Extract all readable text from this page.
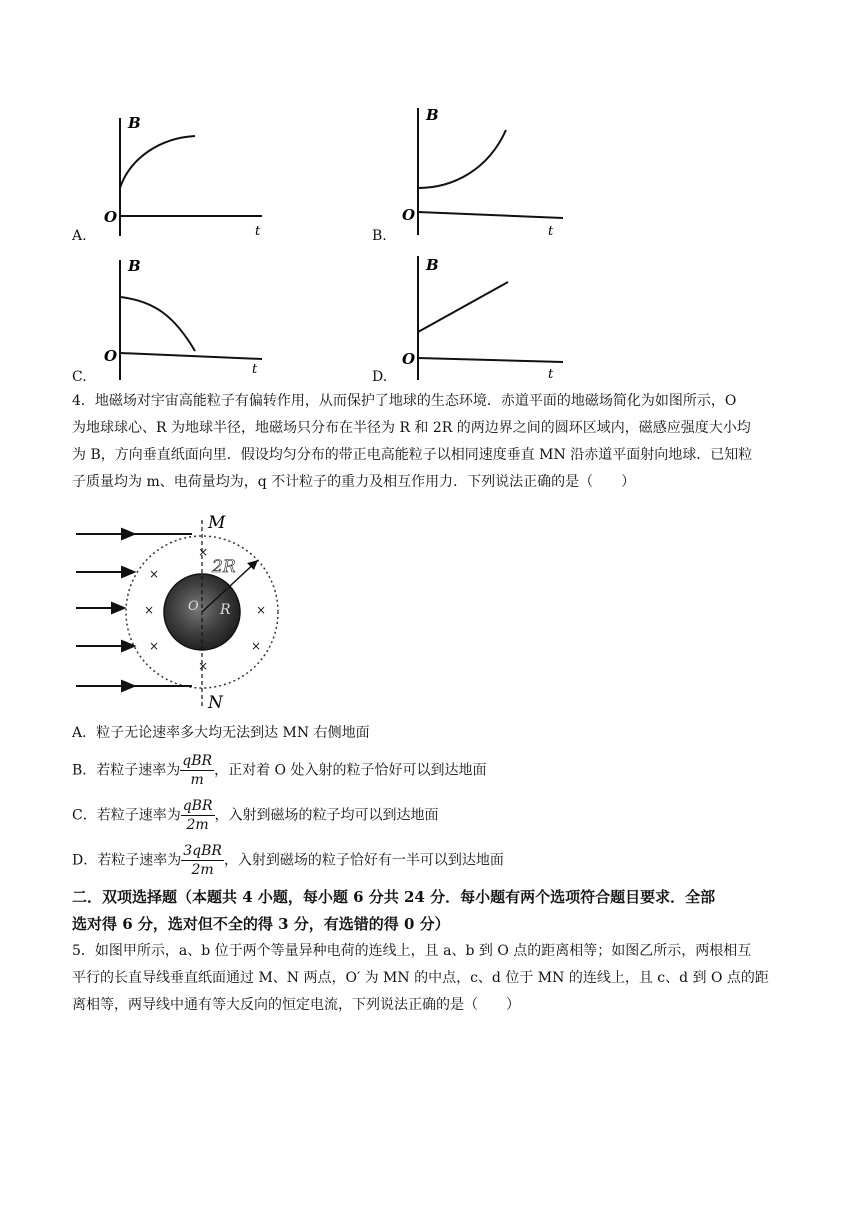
A.
B
O
t	B.
B
O
t
C.
B
O
t	D.
B
O
t
4．地磁场对宇宙高能粒子有偏转作用，从而保护了地球的生态环境．赤道平面的地磁场简化为如图所示，O
为地球球心、R 为地球半径，地磁场只分布在半径为 R 和 2R 的两边界之间的圆环区域内，磁感应强度大小均
为 B，方向垂直纸面向里．假设均匀分布的带正电高能粒子以相同速度垂直 MN 沿赤道平面射向地球．已知粒
子质量均为 m、电荷量均为，q 不计粒子的重力及相互作用力．下列说法正确的是（　　）
×
×
×	×
×	×
×
M
N
2R
R
O
A．粒子无论速率多大均无法到达 MN 右侧地面
B．若粒子速率为 $\frac{\text{qBR}}{m}$ ，正对着 O 处入射的粒子恰好可以到达地面
C．若粒子速率为 $\frac{\text{qBR}}{2m}$ ，入射到磁场的粒子均可以到达地面
D．若粒子速率为 $\frac{\text{3qBR}}{2m}$ ，入射到磁场的粒子恰好有一半可以到达地面
二．双项选择题（本题共 4 小题，每小题 6 分共 24 分．每小题有两个选项符合题目要求．全部
选对得 6 分，选对但不全的得 3 分，有选错的得 0 分）
5．如图甲所示，a、b 位于两个等量异种电荷的连线上，且 a、b 到 O 点的距离相等；如图乙所示，两根相互
平行的长直导线垂直纸面通过 M、N 两点，O′ 为 MN 的中点，c、d 位于 MN 的连线上，且 c、d 到 O 点的距
离相等，两导线中通有等大反向的恒定电流，下列说法正确的是（　　）
